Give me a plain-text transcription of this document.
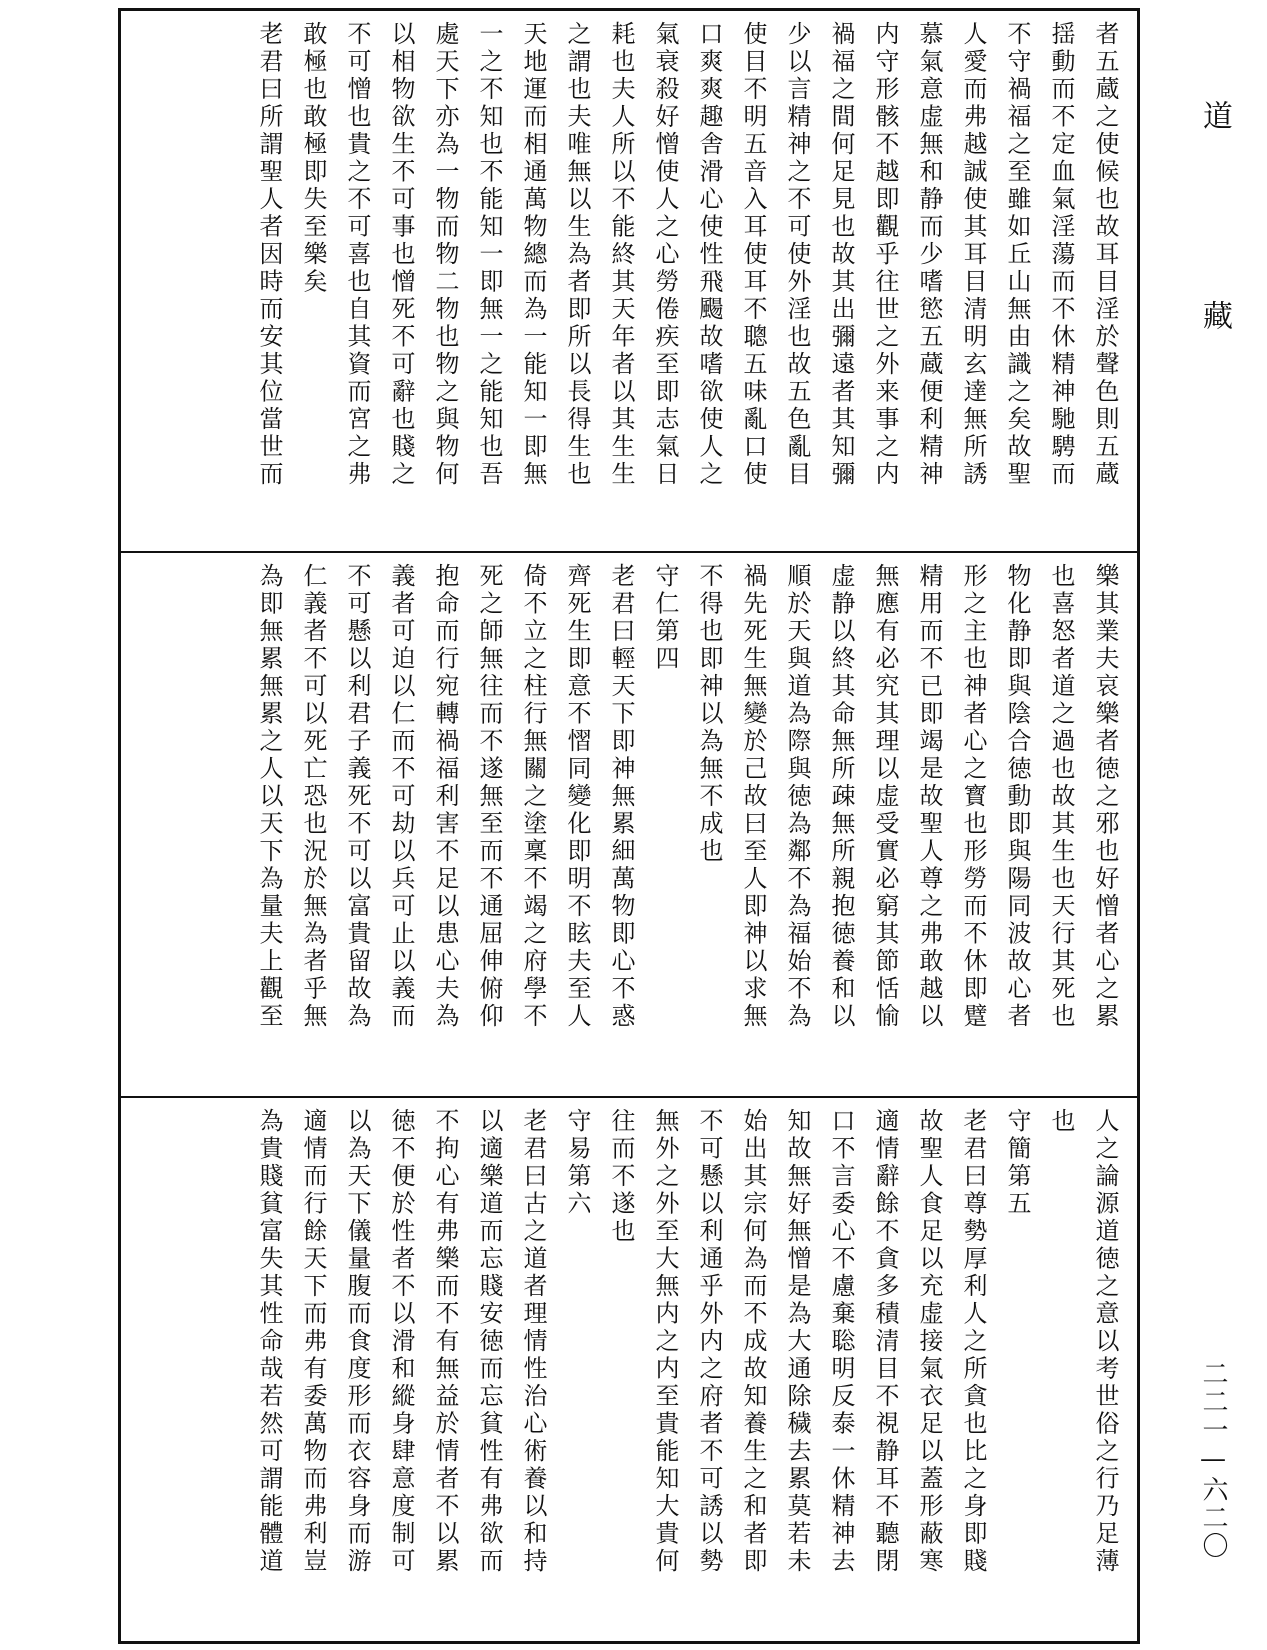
者五蔵之使候也故耳目淫於聲色則五蔵
揺動而不定血氣淫蕩而不休精神馳騁而
不守禍福之至雖如丘山無由識之矣故聖
人愛而弗越誠使其耳目清明玄達無所誘
慕氣意虚無和静而少嗜慾五蔵便利精神
内守形骸不越即觀乎往世之外来事之内
禍福之間何足見也故其出彌遠者其知彌
少以言精神之不可使外淫也故五色亂目
使目不明五音入耳使耳不聰五味亂口使
口爽爽趣舎滑心使性飛颺故嗜欲使人之
氣衰殺好憎使人之心勞倦疾至即志氣日
耗也夫人所以不能終其天年者以其生生
之謂也夫唯無以生為者即所以長得生也
天地運而相通萬物總而為一能知一即無
一之不知也不能知一即無一之能知也吾
處天下亦為一物而物二物也物之與物何
以相物欲生不可事也憎死不可辭也賤之
不可憎也貴之不可喜也自其資而宮之弗
敢極也敢極即失至樂矣
老君曰所謂聖人者因時而安其位當世而
樂其業夫哀樂者徳之邪也好憎者心之累
也喜怒者道之過也故其生也天行其死也
物化静即與陰合徳動即與陽同波故心者
形之主也神者心之寳也形勞而不休即躄
精用而不已即竭是故聖人尊之弗敢越以
無應有必究其理以虚受實必窮其節恬愉
虚静以終其命無所疎無所親抱徳養和以
順於天與道為際與徳為鄰不為福始不為
禍先死生無變於己故曰至人即神以求無
不得也即神以為無不成也
守仁第四
老君曰輕天下即神無累細萬物即心不惑
齊死生即意不慴同變化即明不眩夫至人
倚不立之柱行無關之塗稟不竭之府學不
死之師無往而不遂無至而不通屈伸俯仰
抱命而行宛轉禍福利害不足以患心夫為
義者可迫以仁而不可劫以兵可止以義而
不可懸以利君子義死不可以富貴留故為
仁義者不可以死亡恐也況於無為者乎無
為即無累無累之人以天下為量夫上觀至
人之論源道徳之意以考世俗之行乃足薄
也
守簡第五
老君曰尊勢厚利人之所貪也比之身即賤
故聖人食足以充虚接氣衣足以蓋形蔽寒
適情辭餘不貪多積清目不視静耳不聽閉
口不言委心不慮棄聡明反泰一休精神去
知故無好無憎是為大通除穢去累莫若未
始出其宗何為而不成故知養生之和者即
不可懸以利通乎外内之府者不可誘以勢
無外之外至大無内之内至貴能知大貴何
往而不遂也
守易第六
老君曰古之道者理情性治心術養以和持
以適樂道而忘賤安徳而忘貧性有弗欲而
不拘心有弗樂而不有無益於情者不以累
徳不便於性者不以滑和縱身肆意度制可
以為天下儀量腹而食度形而衣容身而游
適情而行餘天下而弗有委萬物而弗利豈
為貴賤貧富失其性命哉若然可謂能體道
道
藏
二二一—六二〇
